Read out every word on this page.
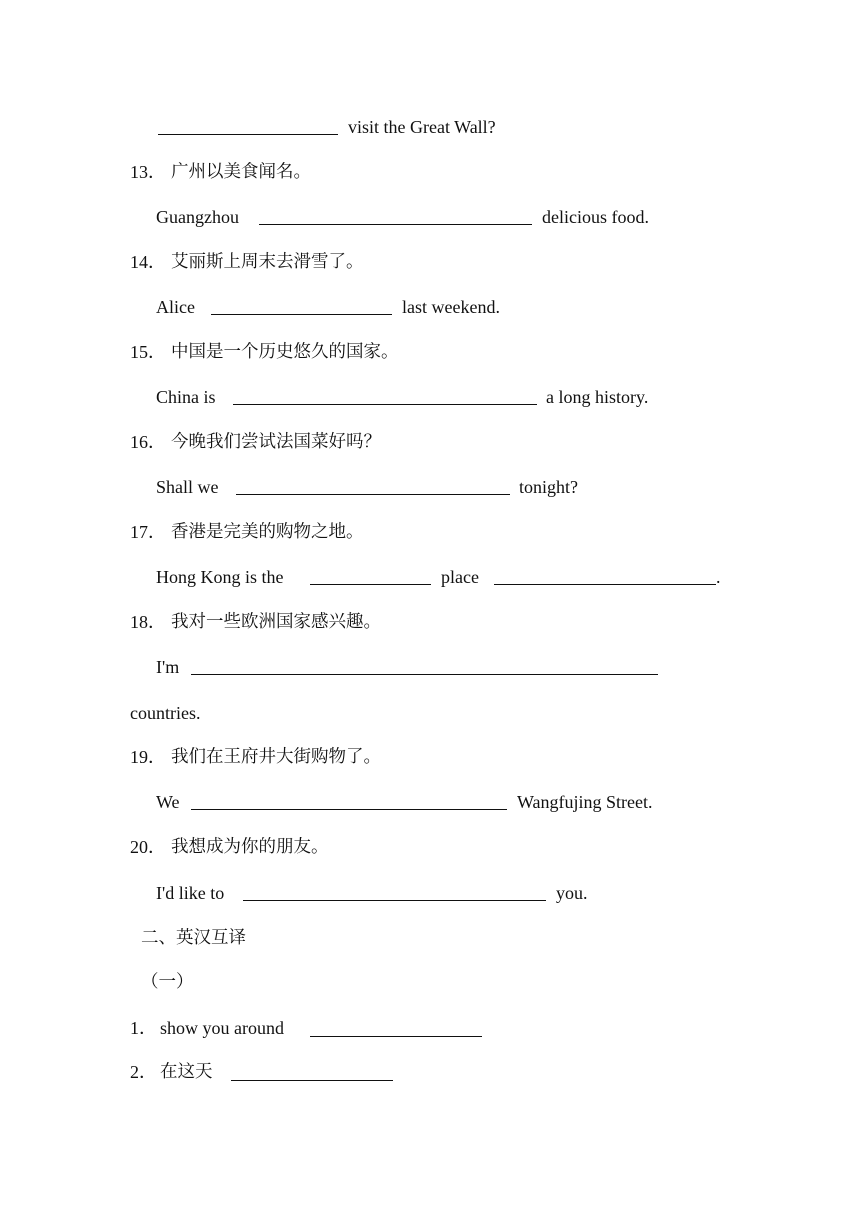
visit the Great Wall?
13． 广州以美食闻名。
Guangzhou	delicious food.
14． 艾丽斯上周末去滑雪了。
Alice	last weekend.
15． 中国是一个历史悠久的国家。
China is	a long history.
16． 今晚我们尝试法国菜好吗？
Shall we	tonight?
17． 香港是完美的购物之地。
Hong Kong is the	place	.
18． 我对一些欧洲国家感兴趣。
I'm
countries.
19． 我们在王府井大街购物了。
We	Wangfujing Street.
20． 我想成为你的朋友。
I'd like to	you.
二、英汉互译
（一）
1． show you around
2． 在这天
